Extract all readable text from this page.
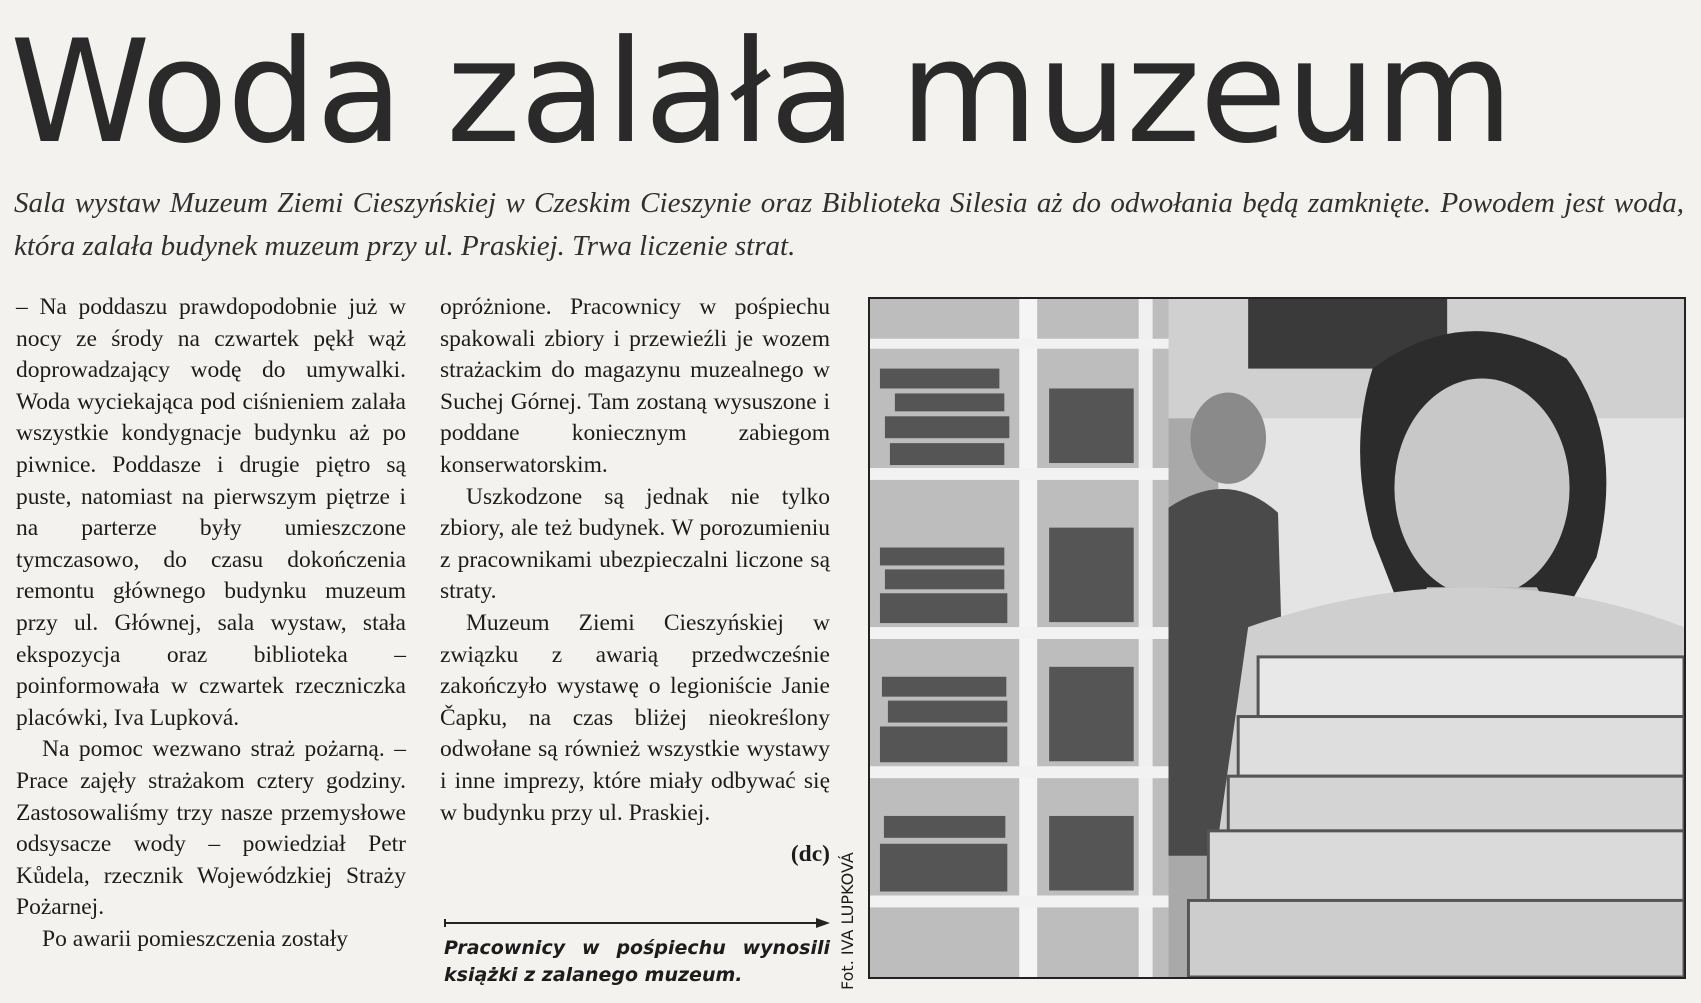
Woda zalała muzeum

Sala wystaw Muzeum Ziemi Cieszyńskiej w Czeskim Cieszynie oraz Biblioteka Silesia aż do odwołania będą zamknięte. Powodem jest woda, która zalała budynek muzeum przy ul. Praskiej. Trwa liczenie strat.

– Na poddaszu prawdopodobnie już w nocy ze środy na czwartek pękł wąż doprowadzający wodę do umywalki. Woda wyciekająca pod ciśnieniem zalała wszystkie kondygnacje budynku aż po piwnice. Poddasze i drugie piętro są puste, natomiast na pierwszym piętrze i na parterze były umieszczone tymczasowo, do czasu dokończenia remontu głównego budynku muzeum przy ul. Głównej, sala wystaw, stała ekspozycja oraz biblioteka – poinformowała w czwartek rzeczniczka placówki, Iva Lupková.

Na pomoc wezwano straż pożarną. – Prace zajęły strażakom cztery godziny. Zastosowaliśmy trzy nasze przemysłowe odsysacze wody – powiedział Petr Kůdela, rzecznik Wojewódzkiej Straży Pożarnej.

Po awarii pomieszczenia zostały

opróżnione. Pracownicy w pośpiechu spakowali zbiory i przewieźli je wozem strażackim do magazynu muzealnego w Suchej Górnej. Tam zostaną wysuszone i poddane koniecznym zabiegom konserwatorskim.

Uszkodzone są jednak nie tylko zbiory, ale też budynek. W porozumieniu z pracownikami ubezpieczalni liczone są straty.

Muzeum Ziemi Cieszyńskiej w związku z awarią przedwcześnie zakończyło wystawę o legioniście Janie Čapku, na czas bliżej nieokreślony odwołane są również wszystkie wystawy i inne imprezy, które miały odbywać się w budynku przy ul. Praskiej.

(dc)

Pracownicy w pośpiechu wynosili książki z zalanego muzeum.	Fot. IVA LUPKOVÁ
